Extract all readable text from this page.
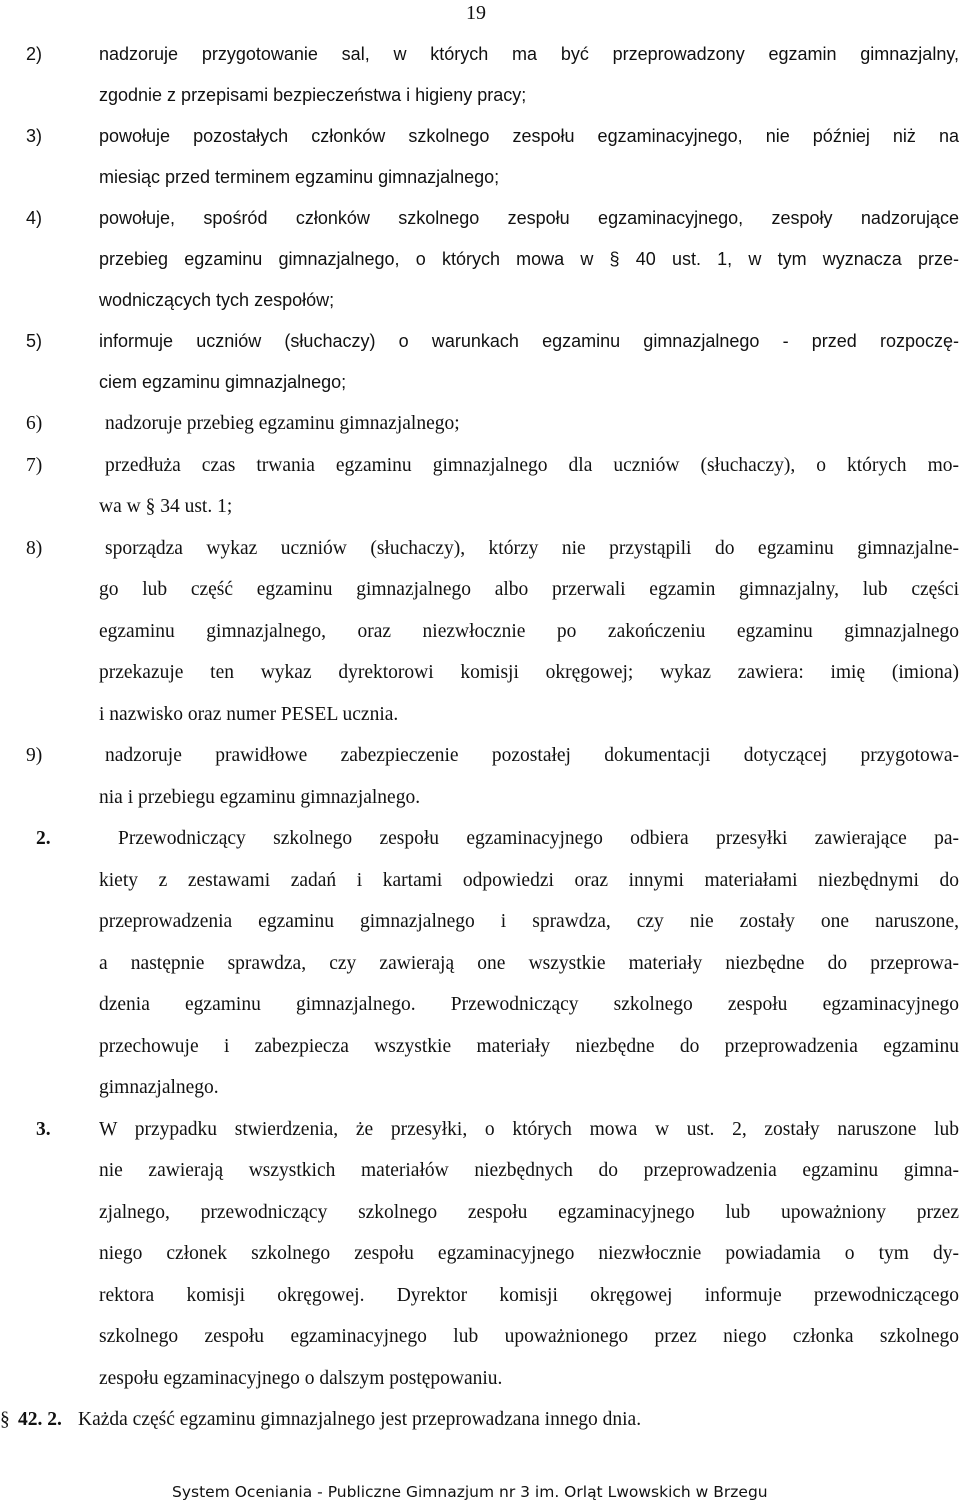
19
2)	nadzoruje przygotowanie sal, w których ma być przeprowadzony egzamin gimnazjalny,
zgodnie z przepisami bezpieczeństwa i higieny pracy;
3)	powołuje pozostałych członków szkolnego zespołu egzaminacyjnego, nie później niż na
miesiąc przed terminem egzaminu gimnazjalnego;
4)	powołuje, spośród członków szkolnego zespołu egzaminacyjnego, zespoły nadzorujące
przebieg egzaminu gimnazjalnego, o których mowa w § 40 ust. 1, w tym wyznacza prze-
wodniczących tych zespołów;
5)	informuje uczniów (słuchaczy) o warunkach egzaminu gimnazjalnego - przed rozpoczę-
ciem egzaminu gimnazjalnego;
6)	nadzoruje przebieg egzaminu gimnazjalnego;
7)	przedłuża czas trwania egzaminu gimnazjalnego dla uczniów (słuchaczy), o których mo-
wa w § 34 ust. 1;
8)	sporządza wykaz uczniów (słuchaczy), którzy nie przystąpili do egzaminu gimnazjalne-
go lub część egzaminu gimnazjalnego albo przerwali egzamin gimnazjalny, lub części
egzaminu gimnazjalnego, oraz niezwłocznie po zakończeniu egzaminu gimnazjalnego
przekazuje ten wykaz dyrektorowi komisji okręgowej; wykaz zawiera: imię (imiona)
i nazwisko oraz numer PESEL ucznia.
9)	nadzoruje prawidłowe zabezpieczenie pozostałej dokumentacji dotyczącej przygotowa-
nia i przebiegu egzaminu gimnazjalnego.
2.	Przewodniczący szkolnego zespołu egzaminacyjnego odbiera przesyłki zawierające pa-
kiety z zestawami zadań i kartami odpowiedzi oraz innymi materiałami niezbędnymi do
przeprowadzenia egzaminu gimnazjalnego i sprawdza, czy nie zostały one naruszone,
a następnie sprawdza, czy zawierają one wszystkie materiały niezbędne do przeprowa-
dzenia egzaminu gimnazjalnego. Przewodniczący szkolnego zespołu egzaminacyjnego
przechowuje i zabezpiecza wszystkie materiały niezbędne do przeprowadzenia egzaminu
gimnazjalnego.
3. W przypadku stwierdzenia, że przesyłki, o których mowa w ust. 2, zostały naruszone lub
nie zawierają wszystkich materiałów niezbędnych do przeprowadzenia egzaminu gimna-
zjalnego, przewodniczący szkolnego zespołu egzaminacyjnego lub upoważniony przez
niego członek szkolnego zespołu egzaminacyjnego niezwłocznie powiadamia o tym dy-
rektora komisji okręgowej. Dyrektor komisji okręgowej informuje przewodniczącego
szkolnego zespołu egzaminacyjnego lub upoważnionego przez niego członka szkolnego
zespołu egzaminacyjnego o dalszym postępowaniu.
§ 42. 2. Każda część egzaminu gimnazjalnego jest przeprowadzana innego dnia.
System Oceniania - Publiczne Gimnazjum nr 3 im. Orląt Lwowskich w Brzegu
